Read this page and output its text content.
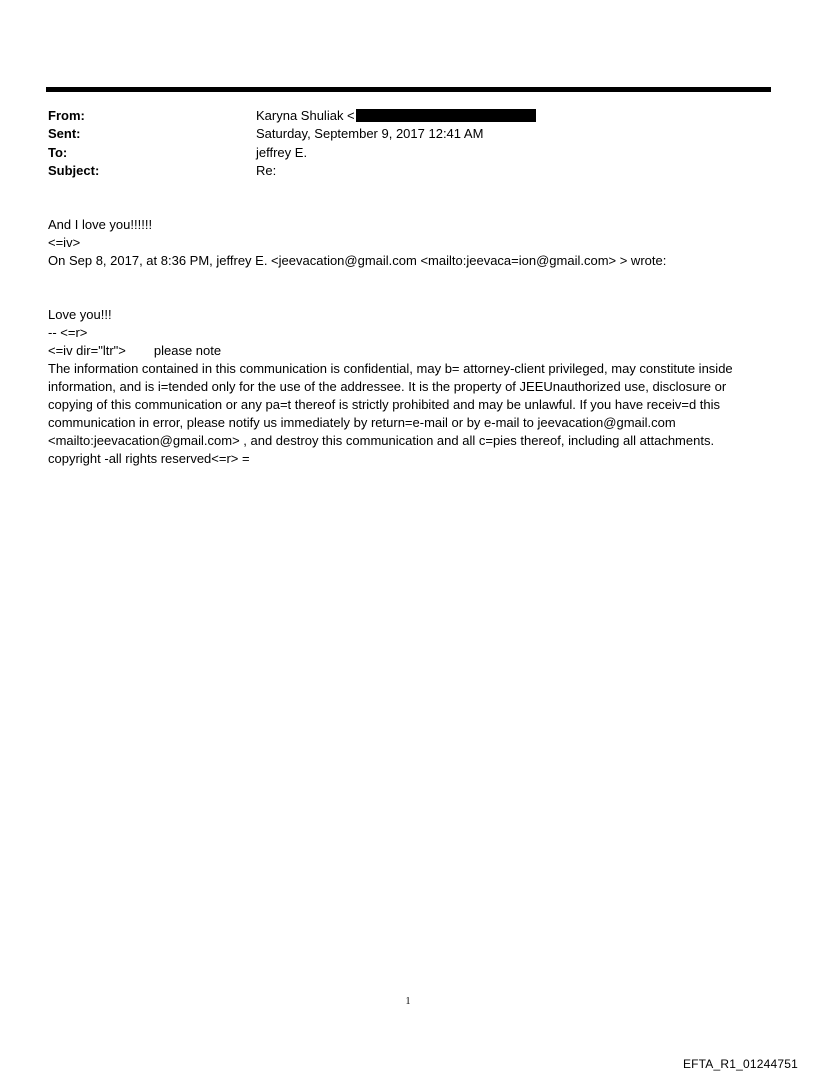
From:	Karyna Shuliak <
Sent:	Saturday, September 9, 2017 12:41 AM
To:	jeffrey E.
Subject:	Re:

And I love you!!!!!!

<=iv>

On Sep 8, 2017, at 8:36 PM, jeffrey E. <jeevacation@gmail.com <mailto:jeevaca=ion@gmail.com> > wrote:

Love you!!!

-- <=r>

<=iv dir="ltr"> please note

The information contained in this communication is confidential, may b= attorney-client privileged, may constitute inside information, and is i=tended only for the use of the addressee. It is the property of JEEUnauthorized use, disclosure or copying of this communication or any pa=t thereof is strictly prohibited and may be unlawful. If you have receiv=d this communication in error, please notify us immediately by return=e-mail or by e-mail to jeevacation@gmail.com <mailto:jeevacation@gmail.com> , and destroy this communication and all c=pies thereof, including all attachments. copyright -all rights reserved<=r> =

1
EFTA_R1_01244751
